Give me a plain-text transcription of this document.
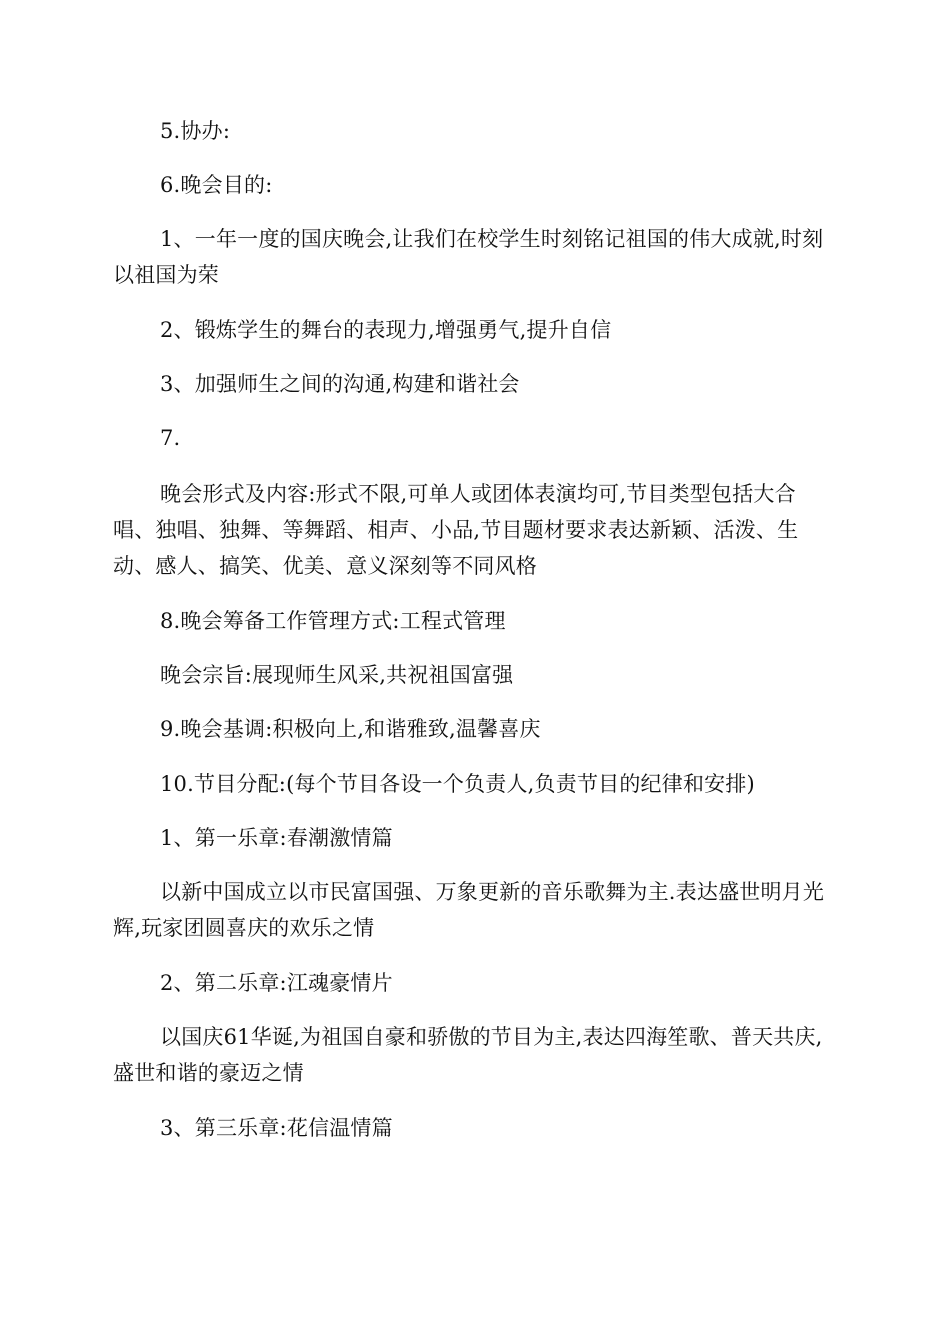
5.协办:

6.晚会目的:

1、一年一度的国庆晚会,让我们在校学生时刻铭记祖国的伟大成就,时刻以祖国为荣

2、锻炼学生的舞台的表现力,增强勇气,提升自信

3、加强师生之间的沟通,构建和谐社会

7.

晚会形式及内容:形式不限,可单人或团体表演均可,节目类型包括大合唱、独唱、独舞、等舞蹈、相声、小品,节目题材要求表达新颖、活泼、生动、感人、搞笑、优美、意义深刻等不同风格

8.晚会筹备工作管理方式:工程式管理

晚会宗旨:展现师生风采,共祝祖国富强

9.晚会基调:积极向上,和谐雅致,温馨喜庆

10.节目分配:(每个节目各设一个负责人,负责节目的纪律和安排)

1、第一乐章:春潮激情篇

以新中国成立以市民富国强、万象更新的音乐歌舞为主.表达盛世明月光辉,玩家团圆喜庆的欢乐之情

2、第二乐章:江魂豪情片

以国庆61华诞,为祖国自豪和骄傲的节目为主,表达四海笙歌、普天共庆,盛世和谐的豪迈之情

3、第三乐章:花信温情篇
